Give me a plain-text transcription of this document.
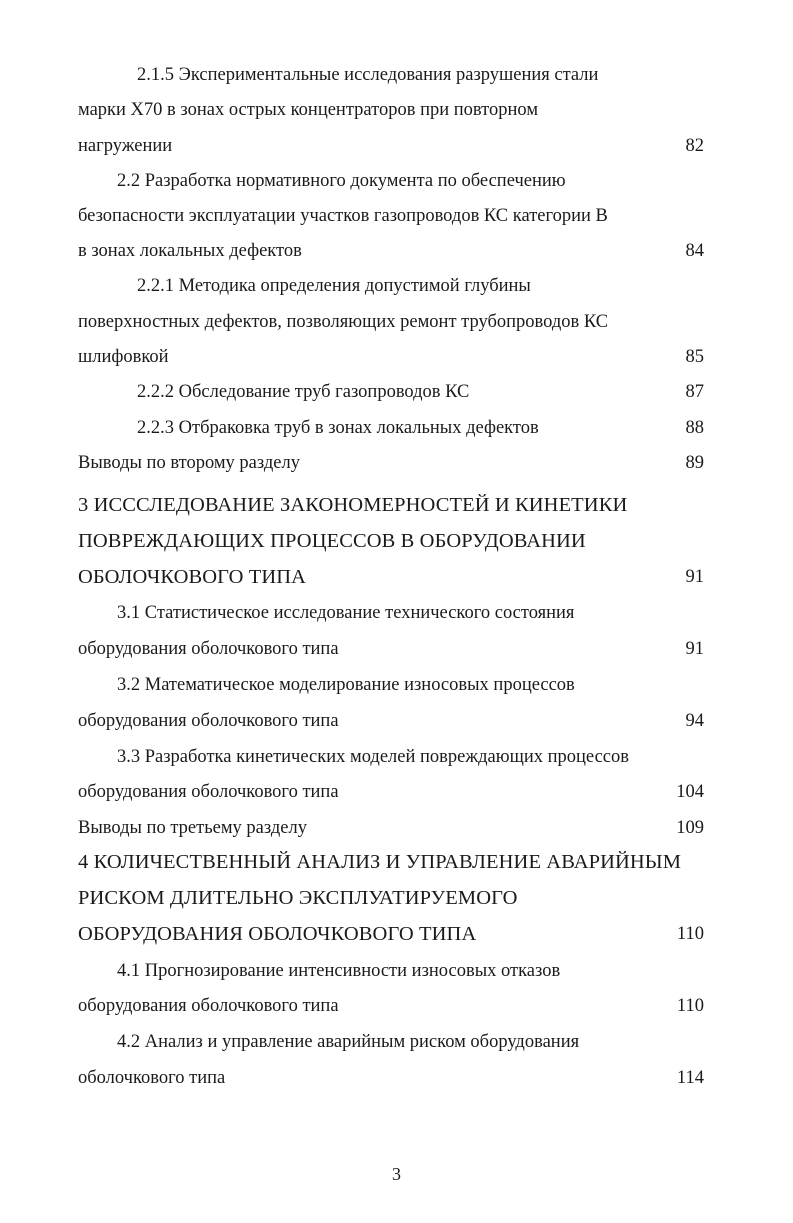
2.1.5 Экспериментальные исследования разрушения стали
марки Х70 в зонах острых концентраторов при повторном
нагружении	82
2.2 Разработка нормативного документа по обеспечению
безопасности эксплуатации участков газопроводов КС категории В
в зонах локальных дефектов	84
2.2.1 Методика определения допустимой глубины
поверхностных дефектов, позволяющих ремонт трубопроводов КС
шлифовкой	85
2.2.2 Обследование труб газопроводов КС	87
2.2.3 Отбраковка труб в зонах локальных дефектов	88
Выводы по второму разделу	89
3 ИСССЛЕДОВАНИЕ ЗАКОНОМЕРНОСТЕЙ И КИНЕТИКИ
ПОВРЕЖДАЮЩИХ ПРОЦЕССОВ В ОБОРУДОВАНИИ
ОБОЛОЧКОВОГО ТИПА	91
3.1 Статистическое исследование технического состояния
оборудования оболочкового типа	91
3.2 Математическое моделирование износовых процессов
оборудования оболочкового типа	94
3.3 Разработка кинетических моделей повреждающих процессов
оборудования оболочкового типа	104
Выводы по третьему разделу	109
4 КОЛИЧЕСТВЕННЫЙ АНАЛИЗ И УПРАВЛЕНИЕ АВАРИЙНЫМ
РИСКОМ ДЛИТЕЛЬНО ЭКСПЛУАТИРУЕМОГО
ОБОРУДОВАНИЯ ОБОЛОЧКОВОГО ТИПА	110
4.1 Прогнозирование интенсивности износовых отказов
оборудования оболочкового типа	110
4.2 Анализ и управление аварийным риском оборудования
оболочкового типа	114
3
